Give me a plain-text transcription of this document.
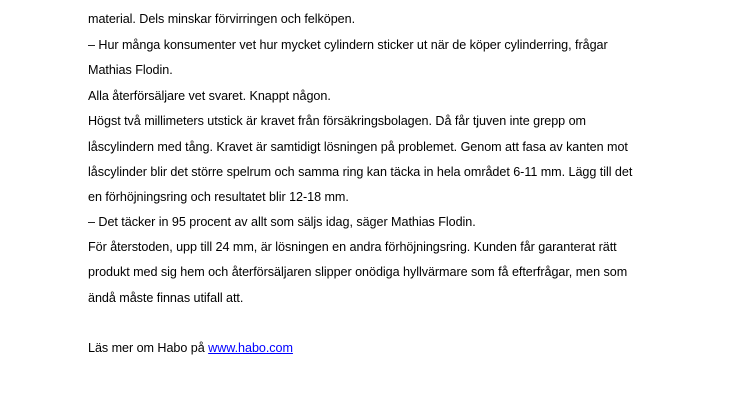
material. Dels minskar förvirringen och felköpen.
– Hur många konsumenter vet hur mycket cylindern sticker ut när de köper cylinderring, frågar
Mathias Flodin.
Alla återförsäljare vet svaret. Knappt någon.
Högst två millimeters utstick är kravet från försäkringsbolagen. Då får tjuven inte grepp om
låscylindern med tång. Kravet är samtidigt lösningen på problemet. Genom att fasa av kanten mot
låscylinder blir det större spelrum och samma ring kan täcka in hela området 6-11 mm. Lägg till det
en förhöjningsring och resultatet blir 12-18 mm.
– Det täcker in 95 procent av allt som säljs idag, säger Mathias Flodin.
För återstoden, upp till 24 mm, är lösningen en andra förhöjningsring. Kunden får garanterat rätt
produkt med sig hem och återförsäljaren slipper onödiga hyllvärmare som få efterfrågar, men som
ändå måste finnas utifall att.
Läs mer om Habo på www.habo.com
